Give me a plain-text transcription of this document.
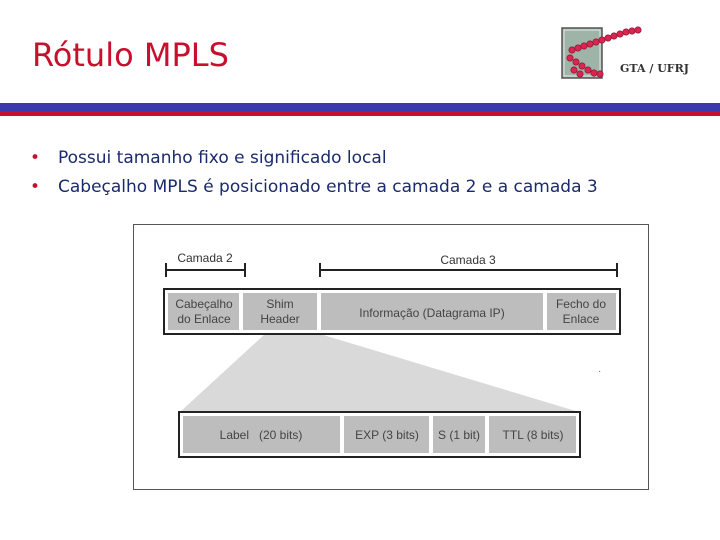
Rótulo MPLS	GTA / UFRJ
• Possui tamanho fixo e significado local
• Cabeçalho MPLS é posicionado entre a camada 2 e a camada 3
Camada 2	Camada 3
Cabeçalho
do Enlace
Shim
Header	Informação (Datagrama IP)
Fecho do
Enlace
·
Label   (20 bits)	EXP (3 bits) S (1 bit) TTL (8 bits)
